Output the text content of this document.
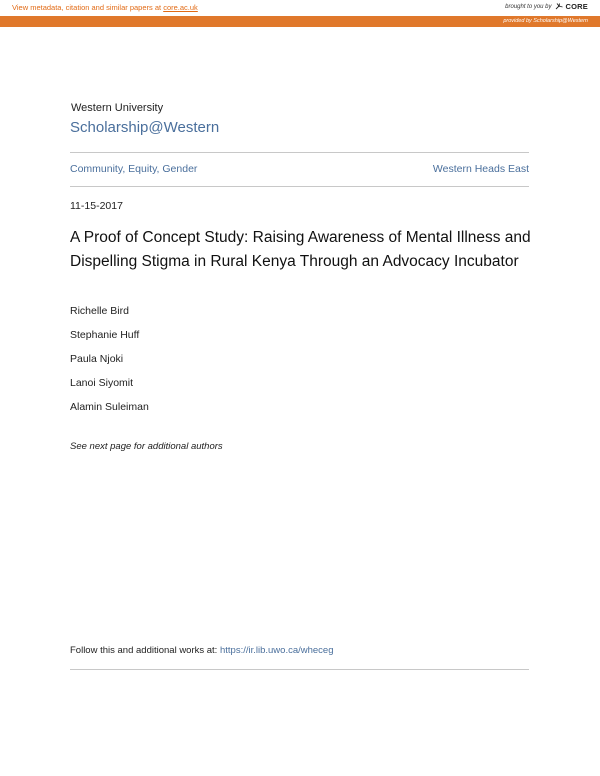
View metadata, citation and similar papers at core.ac.uk	brought to you by CORE
provided by Scholarship@Western
Western University
Scholarship@Western
Community, Equity, Gender	Western Heads East
11-15-2017
A Proof of Concept Study: Raising Awareness of Mental Illness and Dispelling Stigma in Rural Kenya Through an Advocacy Incubator
Richelle Bird
Stephanie Huff
Paula Njoki
Lanoi Siyomit
Alamin Suleiman
See next page for additional authors
Follow this and additional works at: https://ir.lib.uwo.ca/wheceg
